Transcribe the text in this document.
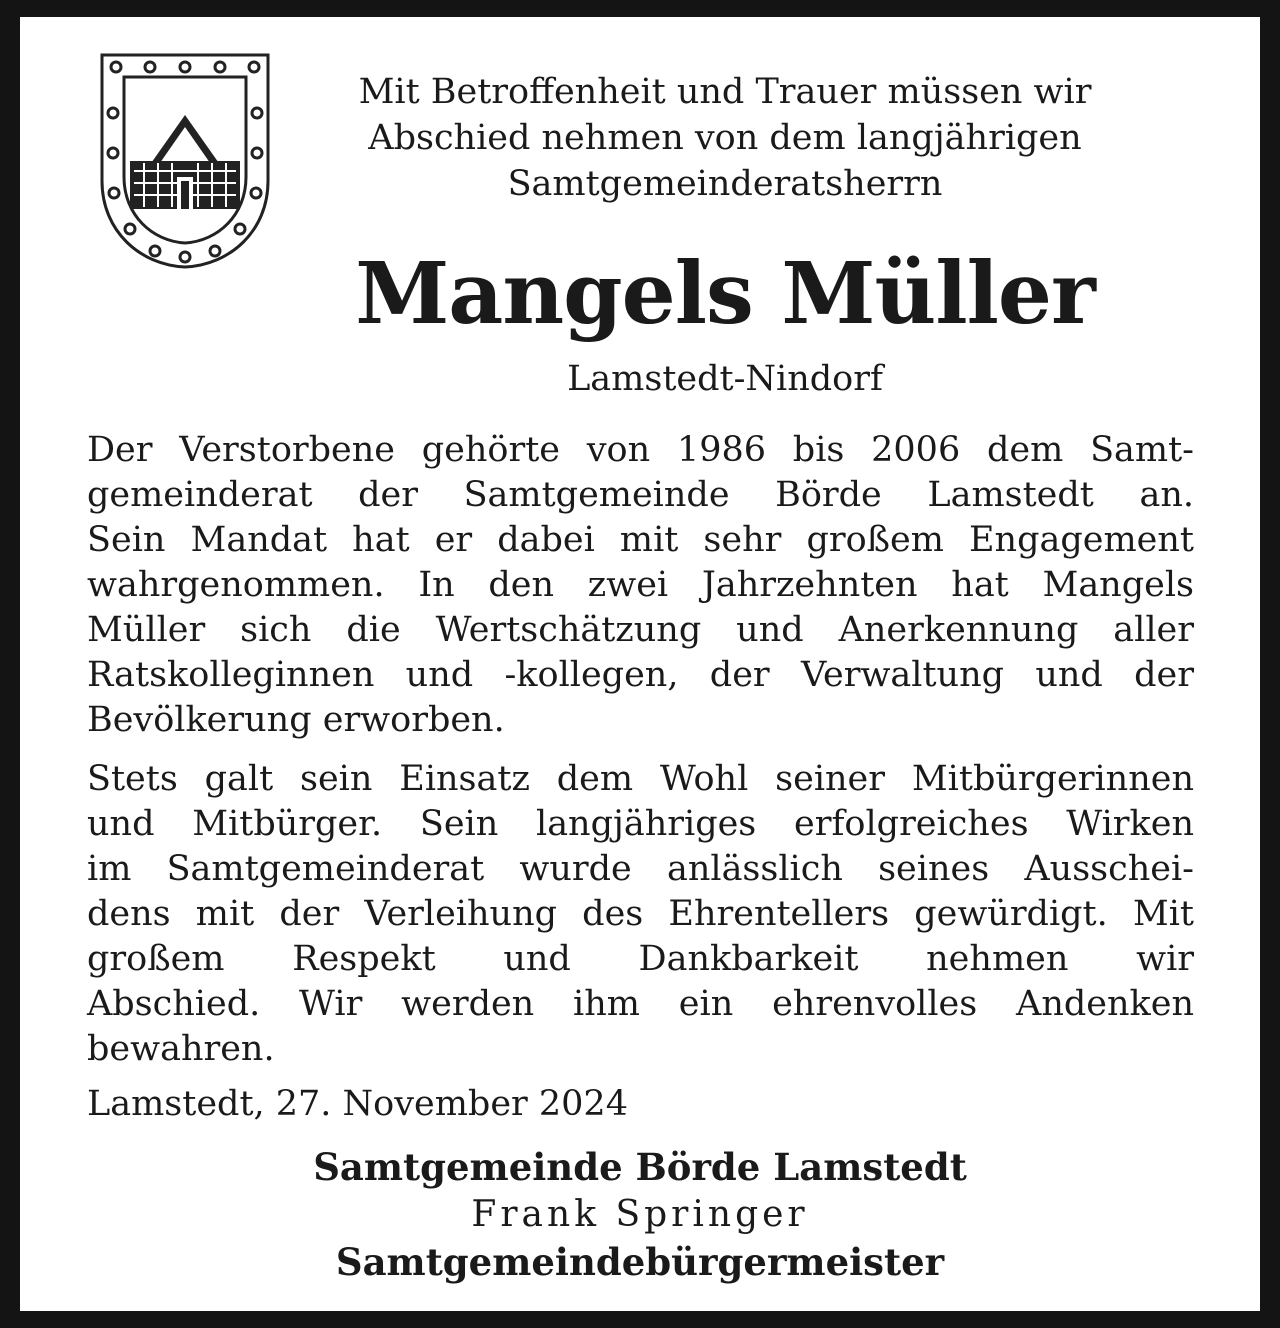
Mit Betroffenheit und Trauer müssen wir
Abschied nehmen von dem langjährigen
Samtgemeinderatsherrn
Mangels Müller
Lamstedt-Nindorf
Der Verstorbene gehörte von 1986 bis 2006 dem Samt-
gemeinderat der Samtgemeinde Börde Lamstedt an.
Sein Mandat hat er dabei mit sehr großem Engagement
wahrgenommen. In den zwei Jahrzehnten hat Mangels
Müller sich die Wertschätzung und Anerkennung aller
Ratskolleginnen und -kollegen, der Verwaltung und der
Bevölkerung erworben.
Stets galt sein Einsatz dem Wohl seiner Mitbürgerinnen
und Mitbürger. Sein langjähriges erfolgreiches Wirken
im Samtgemeinderat wurde anlässlich seines Ausschei-
dens mit der Verleihung des Ehrentellers gewürdigt. Mit
großem Respekt und Dankbarkeit nehmen wir
Abschied. Wir werden ihm ein ehrenvolles Andenken
bewahren.
Lamstedt, 27. November 2024
Samtgemeinde Börde Lamstedt
Frank Springer
Samtgemeindebürgermeister
